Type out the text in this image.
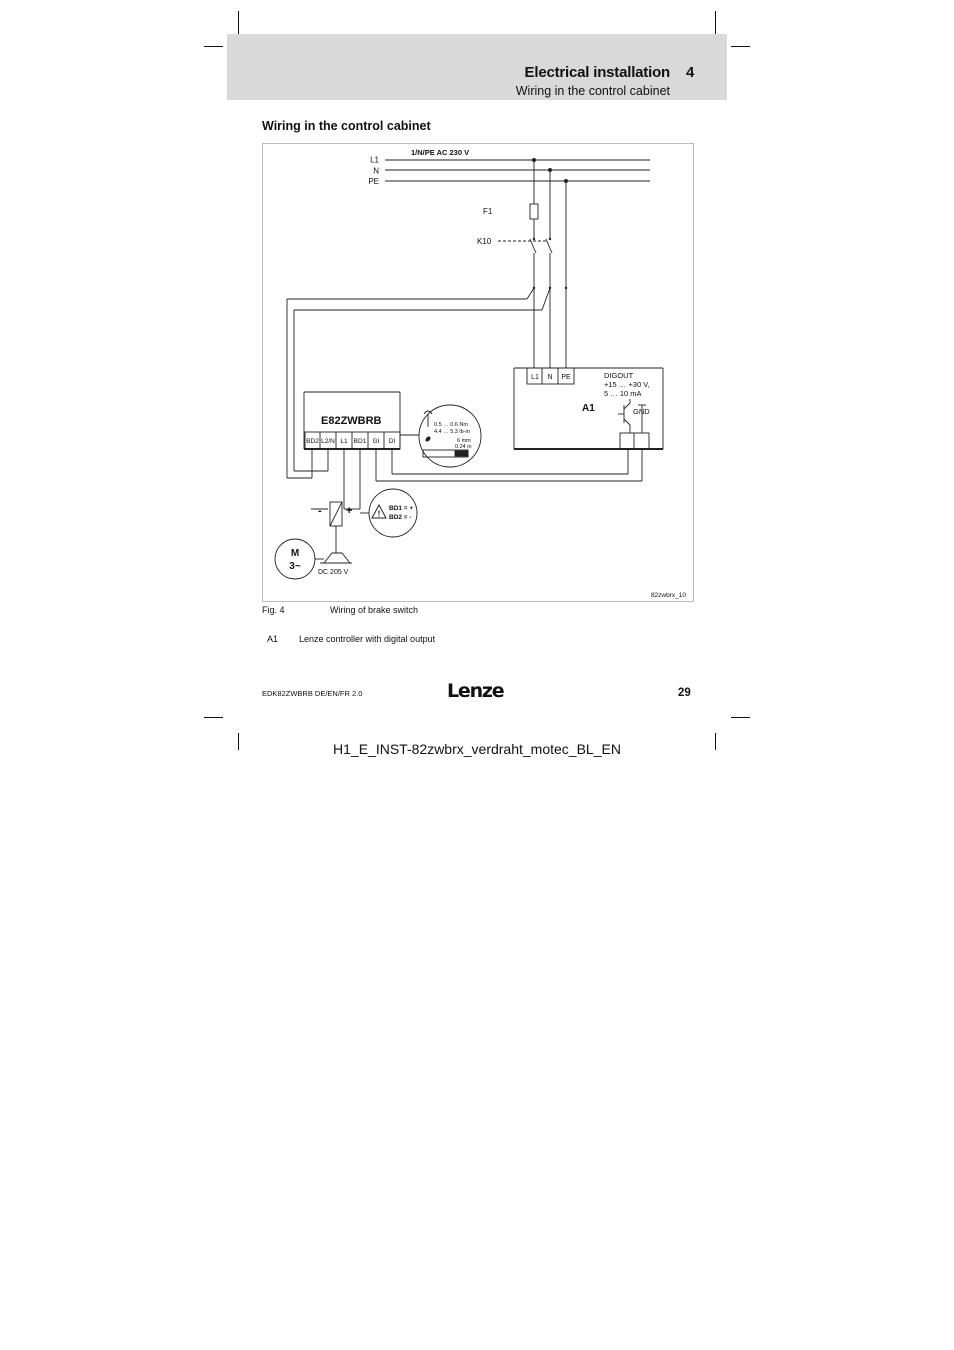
Electrical installation 4
Wiring in the control cabinet
Wiring in the control cabinet
1/N/PE AC 230 V
L1
N
PE
F1
K10
L1 N PE
A1
DIGOUT
+15 … +30 V,
5 … 10 mA
GND
E82ZWBRB
BD2 L2/N L1 BD1 GI DI
0.5 … 0.6 Nm
4.4 … 5.3 lb-in
6 mm
0.24 in
- +	!
BD1 = +
BD2 = -
M
3~
DC 205 V
82zwbrx_10
Fig. 4	Wiring of brake switch
A1 Lenze controller with digital output
EDK82ZWBRB DE/EN/FR 2.0	Lenze	29
H1_E_INST-82zwbrx_verdraht_motec_BL_EN
